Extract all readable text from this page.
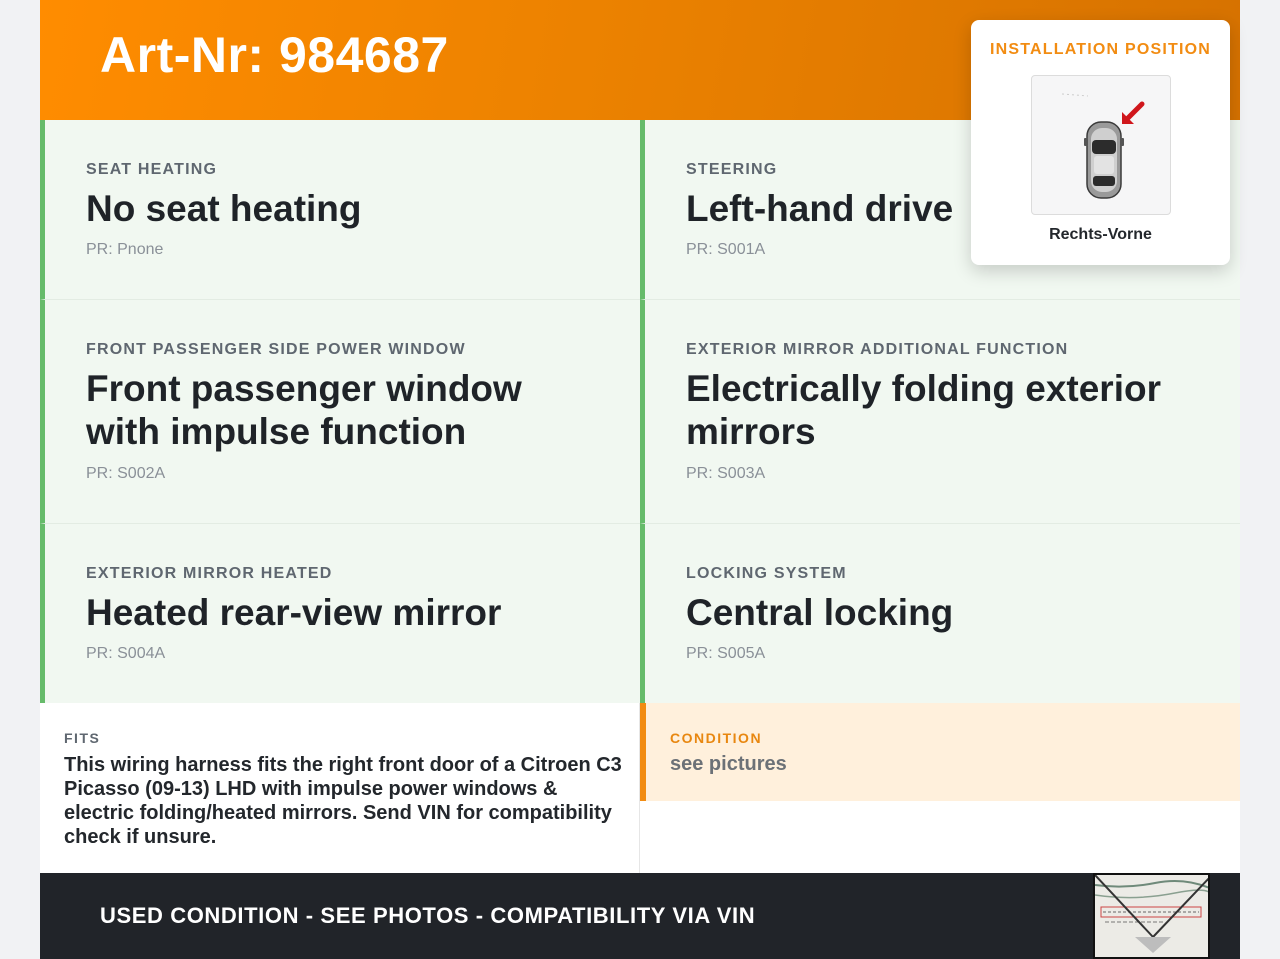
Art-Nr: 984687
SEAT HEATING
No seat heating
PR: Pnone
STEERING
Left-hand drive
PR: S001A
FRONT PASSENGER SIDE POWER WINDOW
Front passenger window with impulse function
PR: S002A
EXTERIOR MIRROR ADDITIONAL FUNCTION
Electrically folding exterior mirrors
PR: S003A
EXTERIOR MIRROR HEATED
Heated rear-view mirror
PR: S004A
LOCKING SYSTEM
Central locking
PR: S005A
FITS
This wiring harness fits the right front door of a Citroen C3 Picasso (09-13) LHD with impulse power windows & electric folding/heated mirrors. Send VIN for compatibility check if unsure.
CONDITION
see pictures
USED CONDITION - SEE PHOTOS - COMPATIBILITY VIA VIN
INSTALLATION POSITION
Rechts-Vorne
